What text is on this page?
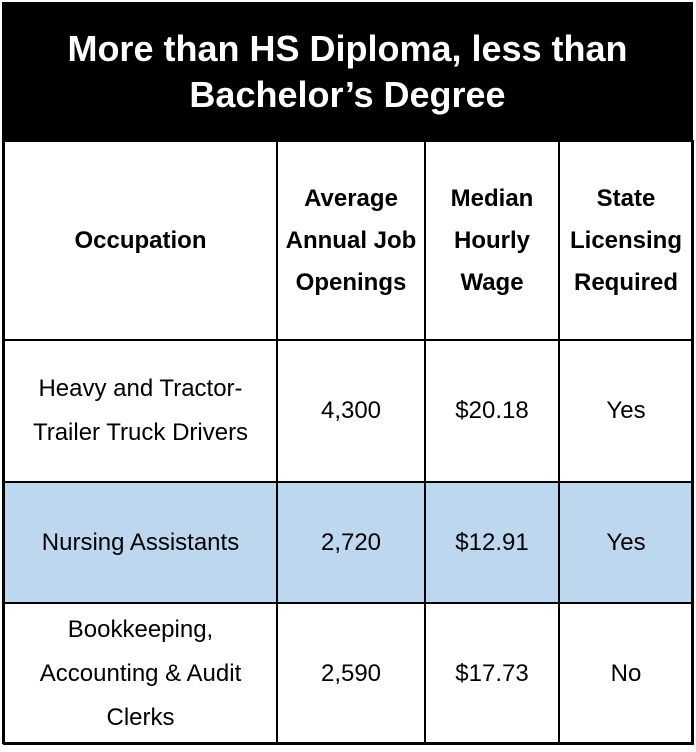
More than HS Diploma, less than Bachelor’s Degree
Occupation	Average Annual Job Openings	Median Hourly Wage	State Licensing Required
Heavy and Tractor-Trailer Truck Drivers	4,300	$20.18	Yes
Nursing Assistants	2,720	$12.91	Yes
Bookkeeping, Accounting & Audit Clerks	2,590	$17.73	No
